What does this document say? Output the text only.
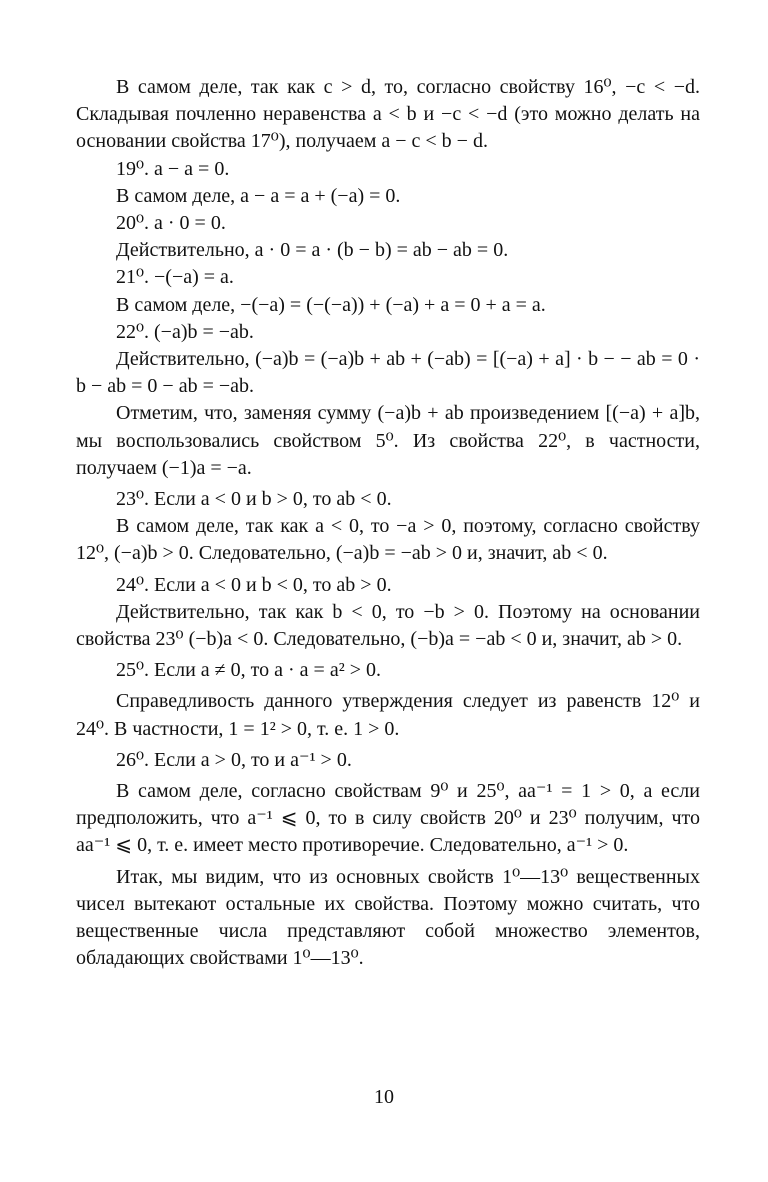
В самом деле, так как c > d, то, согласно свойству 16⁰, −c < −d. Складывая почленно неравенства a < b и −c < −d (это можно делать на основании свойства 17⁰), получаем a − c < b − d.

19⁰. a − a = 0.

В самом деле, a − a = a + (−a) = 0.

20⁰. a · 0 = 0.

Действительно, a · 0 = a · (b − b) = ab − ab = 0.

21⁰. −(−a) = a.

В самом деле, −(−a) = (−(−a)) + (−a) + a = 0 + a = a.

22⁰. (−a)b = −ab.

Действительно, (−a)b = (−a)b + ab + (−ab) = [(−a) + a] · b − − ab = 0 · b − ab = 0 − ab = −ab.

Отметим, что, заменяя сумму (−a)b + ab произведением [(−a) + a]b, мы воспользовались свойством 5⁰. Из свойства 22⁰, в частности, получаем (−1)a = −a.

23⁰. Если a < 0 и b > 0, то ab < 0.

В самом деле, так как a < 0, то −a > 0, поэтому, согласно свойству 12⁰, (−a)b > 0. Следовательно, (−a)b = −ab > 0 и, значит, ab < 0.

24⁰. Если a < 0 и b < 0, то ab > 0.

Действительно, так как b < 0, то −b > 0. Поэтому на основании свойства 23⁰ (−b)a < 0. Следовательно, (−b)a = −ab < 0 и, значит, ab > 0.

25⁰. Если a ≠ 0, то a · a = a² > 0.

Справедливость данного утверждения следует из равенств 12⁰ и 24⁰. В частности, 1 = 1² > 0, т. е. 1 > 0.

26⁰. Если a > 0, то и a⁻¹ > 0.

В самом деле, согласно свойствам 9⁰ и 25⁰, aa⁻¹ = 1 > 0, а если предположить, что a⁻¹ ⩽ 0, то в силу свойств 20⁰ и 23⁰ получим, что aa⁻¹ ⩽ 0, т. е. имеет место противоречие. Следовательно, a⁻¹ > 0.

Итак, мы видим, что из основных свойств 1⁰—13⁰ вещественных чисел вытекают остальные их свойства. Поэтому можно считать, что вещественные числа представляют собой множество элементов, обладающих свойствами 1⁰—13⁰.

10
